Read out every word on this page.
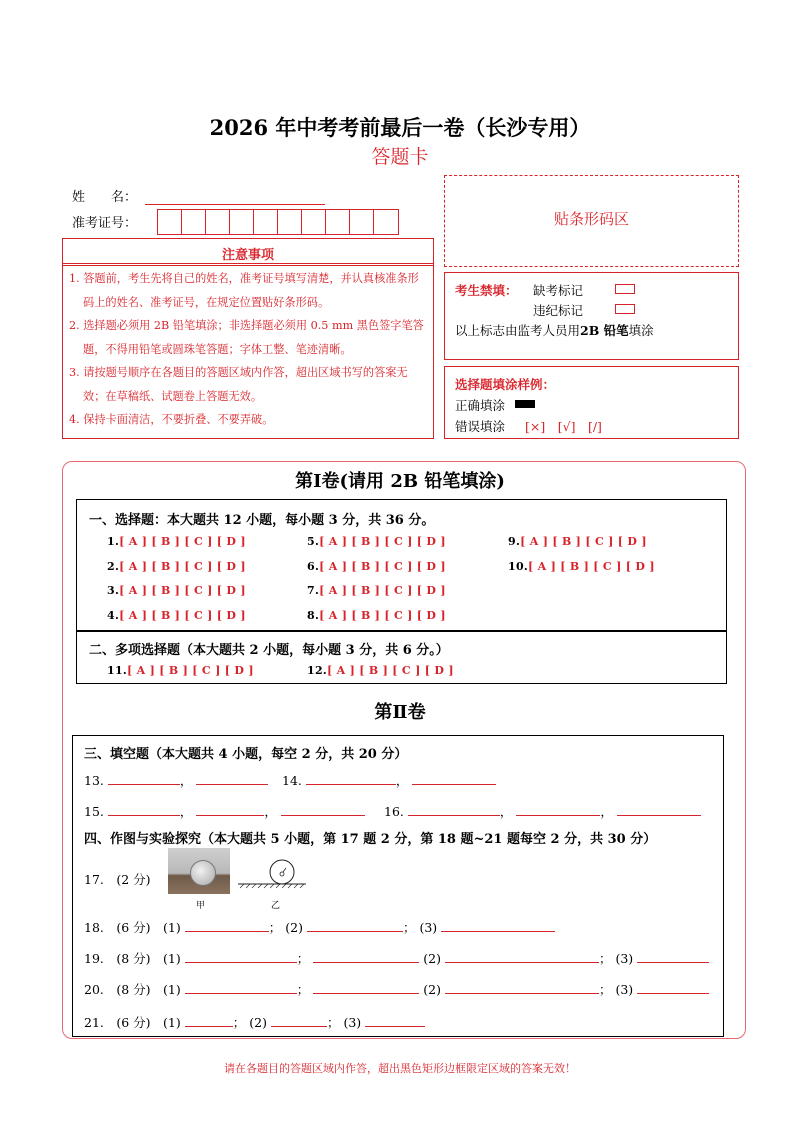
2026 年中考考前最后一卷（长沙专用）
答题卡
姓　　名：
准考证号：	贴条形码区
注意事项

1. 答题前，考生先将自己的姓名，准考证号填写清楚，并认真核准条形码上的姓名、准考证号，在规定位置贴好条形码。

2. 选择题必须用 2B 铅笔填涂；非选择题必须用 0.5 mm 黑色签字笔答题，不得用铅笔或圆珠笔答题；字体工整、笔迹清晰。

3. 请按题号顺序在各题目的答题区域内作答，超出区域书写的答案无效；在草稿纸、试题卷上答题无效。

4. 保持卡面清洁，不要折叠、不要弄破。

考生禁填： 缺考标记
违纪标记
以上标志由监考人员用2B 铅笔填涂
选择题填涂样例：
正确填涂
错误填涂 [×]　[√]　[/]
第Ⅰ卷(请用 2B 铅笔填涂)
一、选择题：本大题共 12 小题，每小题 3 分，共 36 分。
1.[ A ] [ B ] [ C ] [ D ]
2.[ A ] [ B ] [ C ] [ D ]
3.[ A ] [ B ] [ C ] [ D ]
4.[ A ] [ B ] [ C ] [ D ]
5.[ A ] [ B ] [ C ] [ D ]
6.[ A ] [ B ] [ C ] [ D ]
7.[ A ] [ B ] [ C ] [ D ]
8.[ A ] [ B ] [ C ] [ D ]
9.[ A ] [ B ] [ C ] [ D ]
10.[ A ] [ B ] [ C ] [ D ]
二、多项选择题（本大题共 2 小题，每小题 3 分，共 6 分。）
11.[ A ] [ B ] [ C ] [ D ]	12.[ A ] [ B ] [ C ] [ D ]
第Ⅱ卷
三、填空题（本大题共 4 小题，每空 2 分，共 20 分）
13.	，	14.	，
15.	，	，	16.	，	，
四、作图与实验探究（本大题共 5 小题，第 17 题 2 分，第 18 题~21 题每空 2 分，共 30 分）
17.　(2 分)
甲	乙
18.　(6 分)　(1)	； (2)	； (3)
19.　(8 分)　(1)	；	(2)	； (3)
20.　(8 分)　(1)	；	(2)	； (3)
21.　(6 分)　(1)	； (2)	； (3)
请在各题目的答题区域内作答，超出黑色矩形边框限定区域的答案无效！
